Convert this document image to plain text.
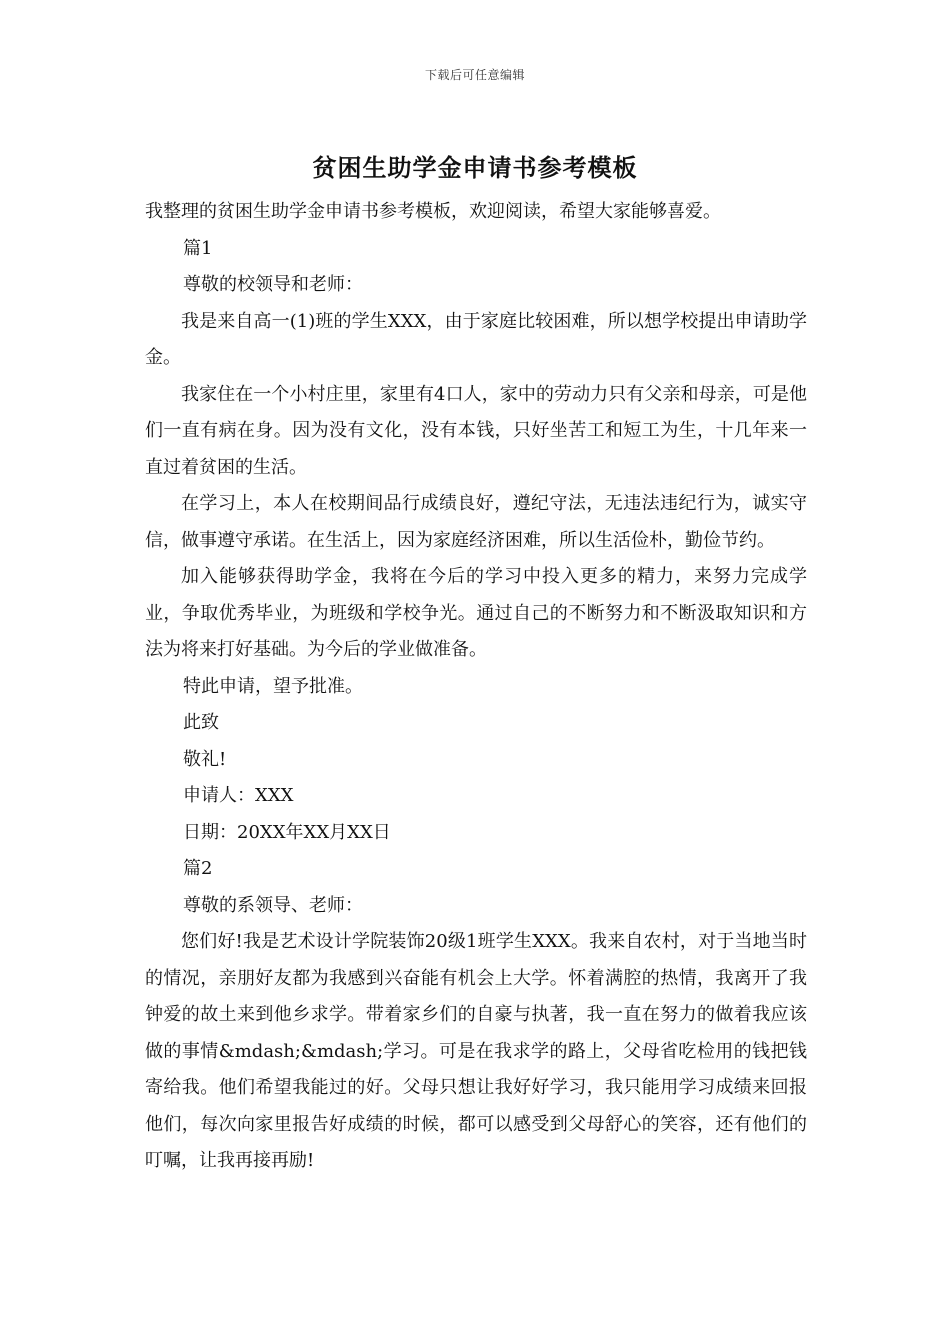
下载后可任意编辑
贫困生助学金申请书参考模板

我整理的贫困生助学金申请书参考模板，欢迎阅读，希望大家能够喜爱。

篇1

尊敬的校领导和老师：

我是来自高一(1)班的学生XXX，由于家庭比较困难，所以想学校提出申请助学金。

我家住在一个小村庄里，家里有4口人，家中的劳动力只有父亲和母亲，可是他们一直有病在身。因为没有文化，没有本钱，只好坐苦工和短工为生，十几年来一直过着贫困的生活。

在学习上，本人在校期间品行成绩良好，遵纪守法，无违法违纪行为，诚实守信，做事遵守承诺。在生活上，因为家庭经济困难，所以生活俭朴，勤俭节约。

加入能够获得助学金，我将在今后的学习中投入更多的精力，来努力完成学业，争取优秀毕业，为班级和学校争光。通过自己的不断努力和不断汲取知识和方法为将来打好基础。为今后的学业做准备。

特此申请，望予批准。

此致

敬礼!

申请人：XXX

日期：20XX年XX月XX日

篇2

尊敬的系领导、老师：

您们好!我是艺术设计学院装饰20级1班学生XXX。我来自农村，对于当地当时的情况，亲朋好友都为我感到兴奋能有机会上大学。怀着满腔的热情，我离开了我钟爱的故土来到他乡求学。带着家乡们的自豪与执著，我一直在努力的做着我应该做的事情&mdash;&mdash;学习。可是在我求学的路上，父母省吃检用的钱把钱寄给我。他们希望我能过的好。父母只想让我好好学习，我只能用学习成绩来回报他们，每次向家里报告好成绩的时候，都可以感受到父母舒心的笑容，还有他们的叮嘱，让我再接再励!
